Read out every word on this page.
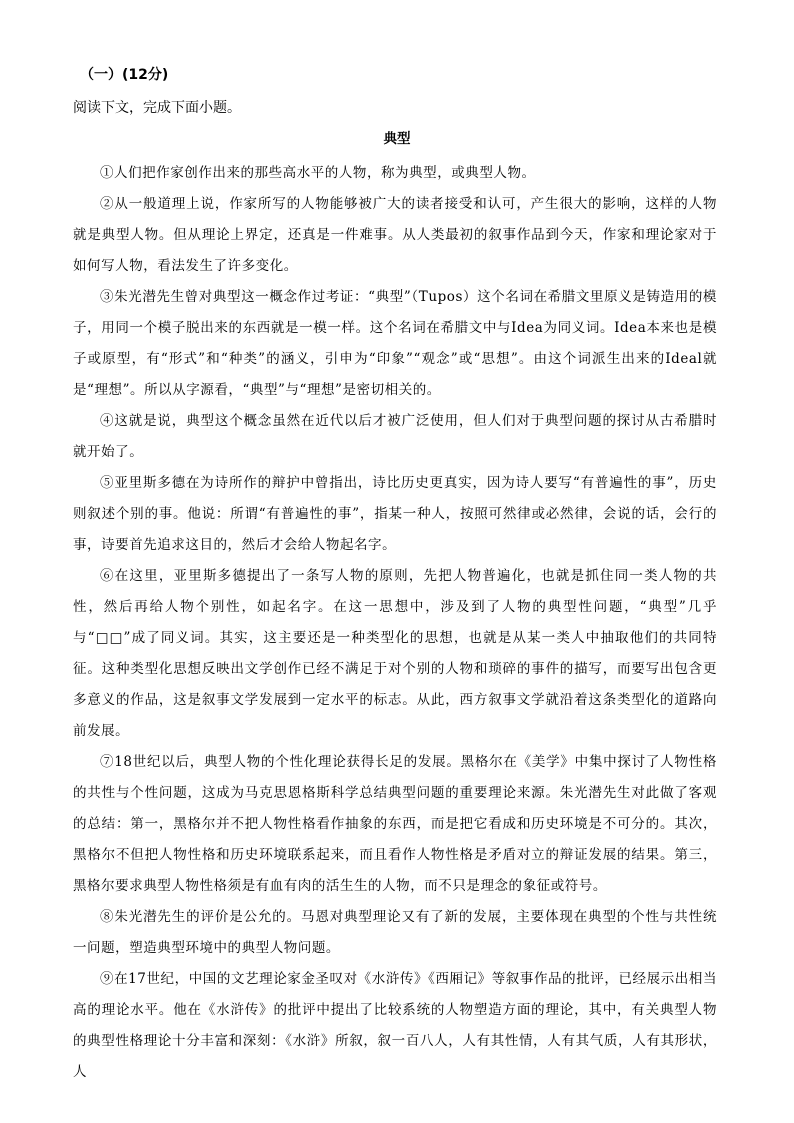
（一）(12分)
阅读下文，完成下面小题。
典型

①人们把作家创作出来的那些高水平的人物，称为典型，或典型人物。

②从一般道理上说，作家所写的人物能够被广大的读者接受和认可，产生很大的影响，这样的人物就是典型人物。但从理论上界定，还真是一件难事。从人类最初的叙事作品到今天，作家和理论家对于如何写人物，看法发生了许多变化。

③朱光潜先生曾对典型这一概念作过考证：“典型”（Tupos）这个名词在希腊文里原义是铸造用的模子，用同一个模子脱出来的东西就是一模一样。这个名词在希腊文中与Idea为同义词。Idea本来也是模子或原型，有“形式”和“种类”的涵义，引申为“印象”“观念”或“思想”。由这个词派生出来的Ideal就是“理想”。所以从字源看，“典型”与“理想”是密切相关的。

④这就是说，典型这个概念虽然在近代以后才被广泛使用，但人们对于典型问题的探讨从古希腊时就开始了。

⑤亚里斯多德在为诗所作的辩护中曾指出，诗比历史更真实，因为诗人要写“有普遍性的事”，历史则叙述个别的事。他说：所谓“有普遍性的事”，指某一种人，按照可然律或必然律，会说的话，会行的事，诗要首先追求这目的，然后才会给人物起名字。

⑥在这里，亚里斯多德提出了一条写人物的原则，先把人物普遍化，也就是抓住同一类人物的共性，然后再给人物个别性，如起名字。在这一思想中，涉及到了人物的典型性问题，“典型”几乎与“□□”成了同义词。其实，这主要还是一种类型化的思想，也就是从某一类人中抽取他们的共同特征。这种类型化思想反映出文学创作已经不满足于对个别的人物和琐碎的事件的描写，而要写出包含更多意义的作品，这是叙事文学发展到一定水平的标志。从此，西方叙事文学就沿着这条类型化的道路向前发展。

⑦18世纪以后，典型人物的个性化理论获得长足的发展。黑格尔在《美学》中集中探讨了人物性格的共性与个性问题，这成为马克思恩格斯科学总结典型问题的重要理论来源。朱光潜先生对此做了客观的总结：第一，黑格尔并不把人物性格看作抽象的东西，而是把它看成和历史环境是不可分的。其次，黑格尔不但把人物性格和历史环境联系起来，而且看作人物性格是矛盾对立的辩证发展的结果。第三，黑格尔要求典型人物性格须是有血有肉的活生生的人物，而不只是理念的象征或符号。

⑧朱光潜先生的评价是公允的。马恩对典型理论又有了新的发展，主要体现在典型的个性与共性统一问题，塑造典型环境中的典型人物问题。

⑨在17世纪，中国的文艺理论家金圣叹对《水浒传》《西厢记》等叙事作品的批评，已经展示出相当高的理论水平。他在《水浒传》的批评中提出了比较系统的人物塑造方面的理论，其中，有关典型人物的典型性格理论十分丰富和深刻：《水浒》所叙，叙一百八人，人有其性情，人有其气质，人有其形状，人
